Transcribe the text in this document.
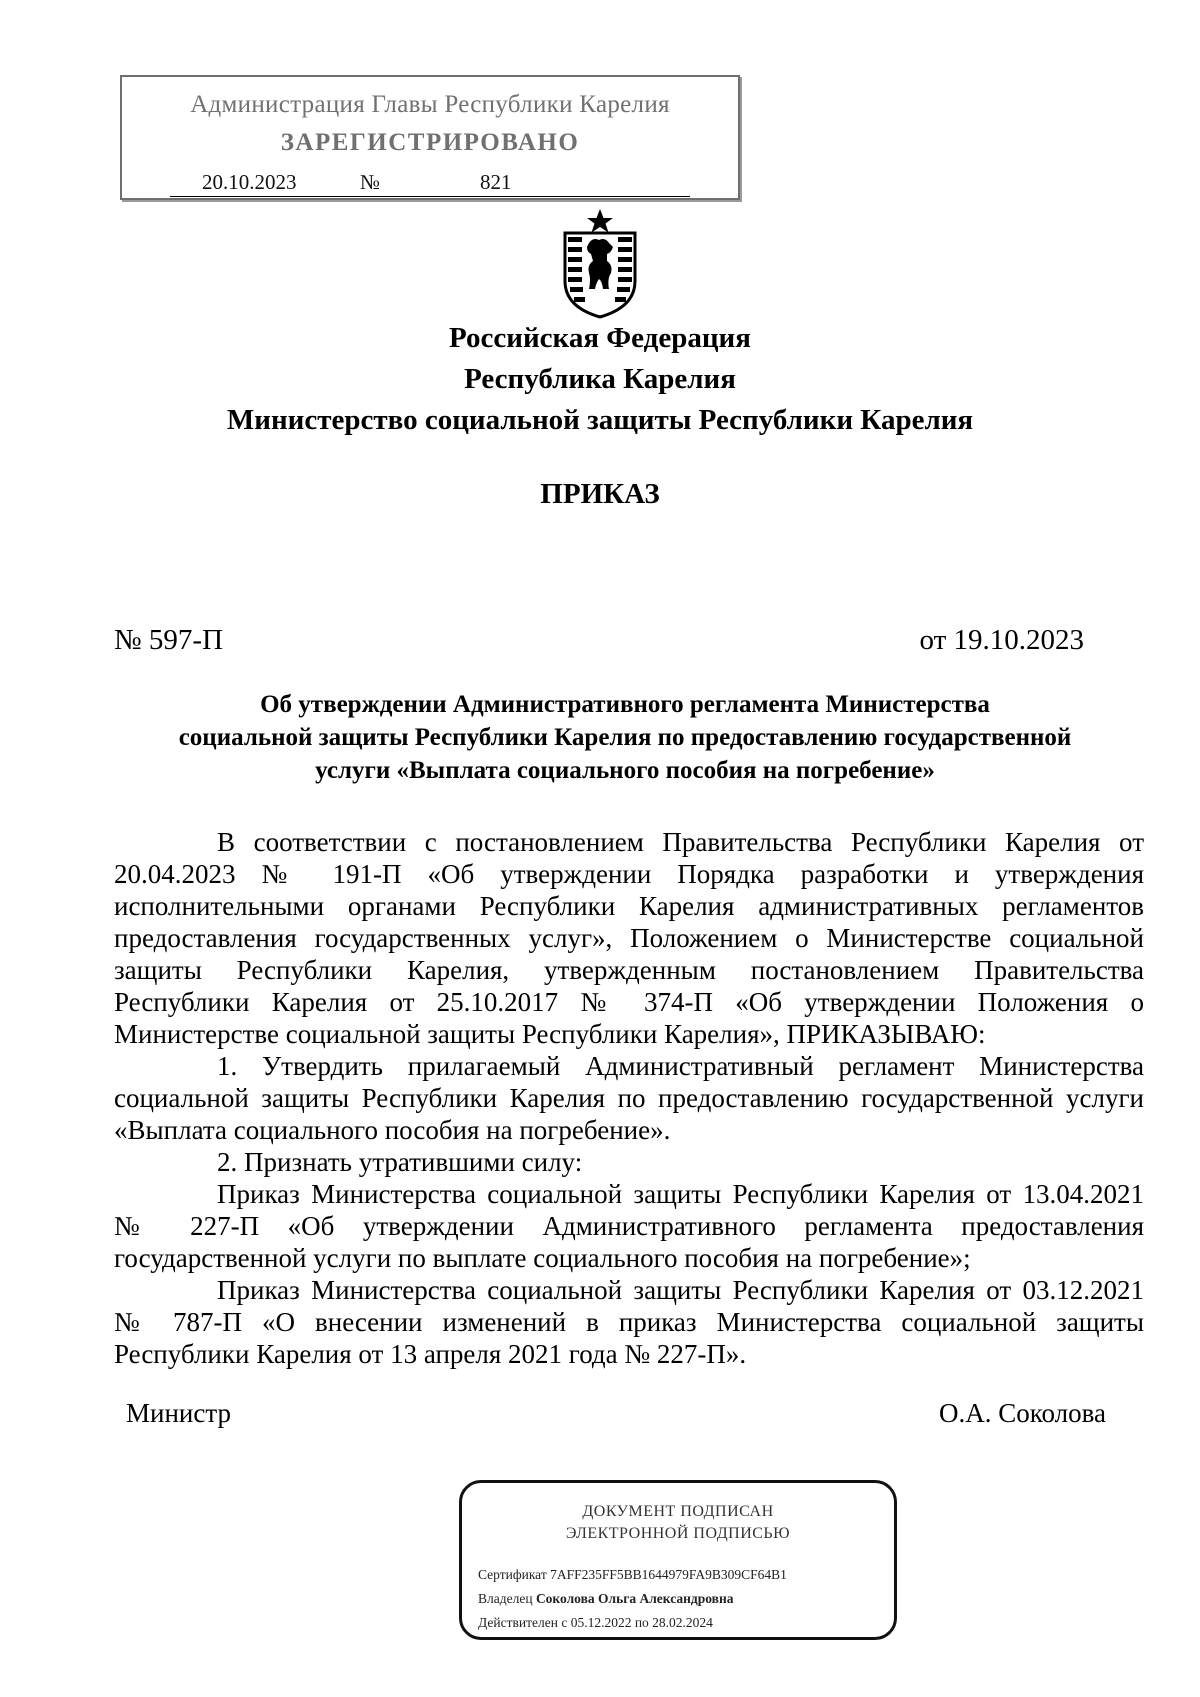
Администрация Главы Республики Карелия
ЗАРЕГИСТРИРОВАНО
20.10.2023	№	821
Российская Федерация
Республика Карелия
Министерство социальной защиты Республики Карелия
ПРИКАЗ
№ 597-П	от 19.10.2023
Об утверждении Административного регламента Министерства
социальной защиты Республики Карелия по предоставлению государственной
услуги «Выплата социального пособия на погребение»

В соответствии с постановлением Правительства Республики Карелия от 20.04.2023 № 191-П «Об утверждении Порядка разработки и утверждения исполнительными органами Республики Карелия административных регламентов предоставления государственных услуг», Положением о Министерстве социальной защиты Республики Карелия, утвержденным постановлением Правительства Республики Карелия от 25.10.2017 № 374-П «Об утверждении Положения о Министерстве социальной защиты Республики Карелия», ПРИКАЗЫВАЮ:

1. Утвердить прилагаемый Административный регламент Министерства социальной защиты Республики Карелия по предоставлению государственной услуги «Выплата социального пособия на погребение».

2. Признать утратившими силу:

Приказ Министерства социальной защиты Республики Карелия от 13.04.2021 № 227-П «Об утверждении Административного регламента предоставления государственной услуги по выплате социального пособия на погребение»;

Приказ Министерства социальной защиты Республики Карелия от 03.12.2021 № 787-П «О внесении изменений в приказ Министерства социальной защиты Республики Карелия от 13 апреля 2021 года № 227-П».

Министр	О.А. Соколова
ДОКУМЕНТ ПОДПИСАН
ЭЛЕКТРОННОЙ ПОДПИСЬЮ
Сертификат 7AFF235FF5BB1644979FA9B309CF64B1
Владелец Соколова Ольга Александровна
Действителен с 05.12.2022 по 28.02.2024
